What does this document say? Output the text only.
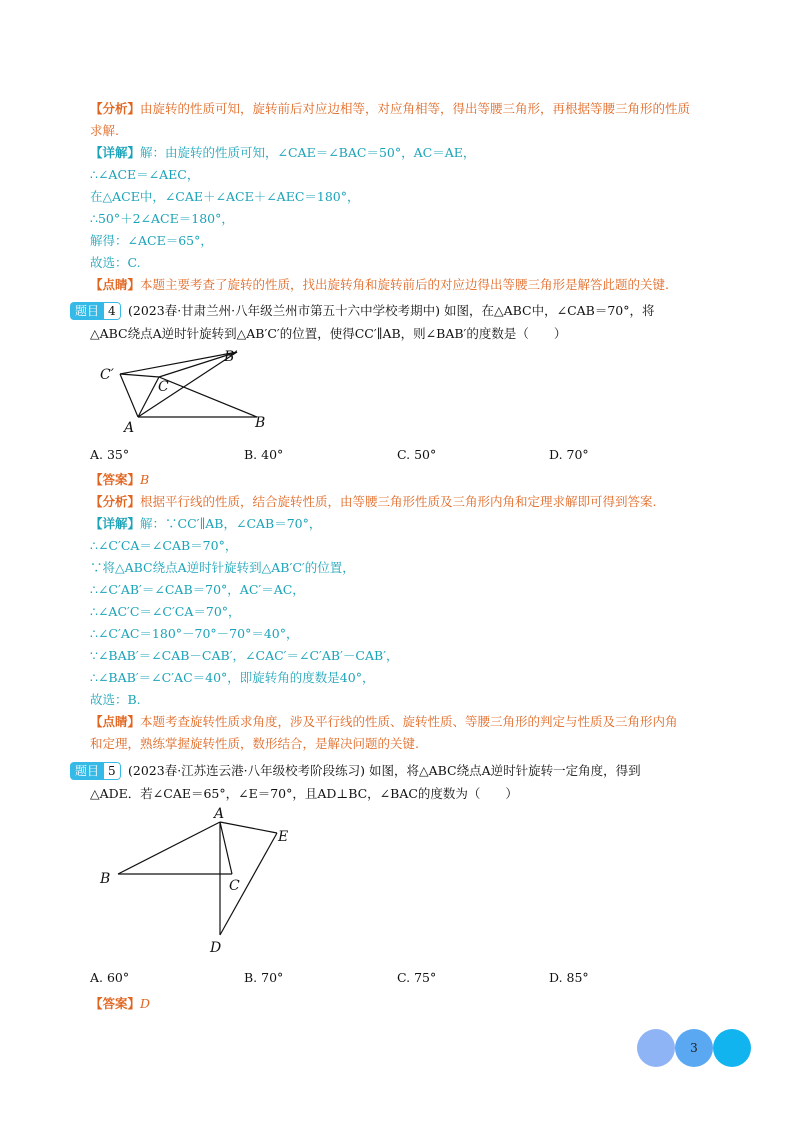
【分析】由旋转的性质可知，旋转前后对应边相等，对应角相等，得出等腰三角形，再根据等腰三角形的性质
求解.
【详解】解：由旋转的性质可知，∠CAE＝∠BAC＝50°，AC＝AE，
∴∠ACE＝∠AEC，
在△ACE中，∠CAE＋∠ACE＋∠AEC＝180°，
∴50°＋2∠ACE＝180°，
解得：∠ACE＝65°，
故选：C.
【点睛】本题主要考查了旋转的性质，找出旋转角和旋转前后的对应边得出等腰三角形是解答此题的关键.
题目 4 (2023春·甘肃兰州·八年级兰州市第五十六中学校考期中) 如图，在△ABC中，∠CAB＝70°，将
△ABC绕点A逆时针旋转到△AB′C′的位置，使得CC′∥AB，则∠BAB′的度数是（　　）
C′
B′
C
A	B
A. 35°	B. 40°	C. 50°	D. 70°
【答案】B
【分析】根据平行线的性质，结合旋转性质，由等腰三角形性质及三角形内角和定理求解即可得到答案.
【详解】解：∵CC′∥AB，∠CAB＝70°，
∴∠C′CA＝∠CAB＝70°，
∵将△ABC绕点A逆时针旋转到△AB′C′的位置，
∴∠C′AB′＝∠CAB＝70°，AC′＝AC，
∴∠AC′C＝∠C′CA＝70°，
∴∠C′AC＝180°－70°－70°＝40°，
∵∠BAB′＝∠CAB－CAB′，∠CAC′＝∠C′AB′－CAB′，
∴∠BAB′＝∠C′AC＝40°，即旋转角的度数是40°，
故选：B.
【点睛】本题考查旋转性质求角度，涉及平行线的性质、旋转性质、等腰三角形的判定与性质及三角形内角
和定理，熟练掌握旋转性质，数形结合，是解决问题的关键.
题目 5 (2023春·江苏连云港·八年级校考阶段练习) 如图，将△ABC绕点A逆时针旋转一定角度，得到
△ADE．若∠CAE＝65°，∠E＝70°，且AD⊥BC，∠BAC的度数为（　　）
A
E
B	C
D
A. 60°	B. 70°	C. 75°	D. 85°
【答案】D
3
